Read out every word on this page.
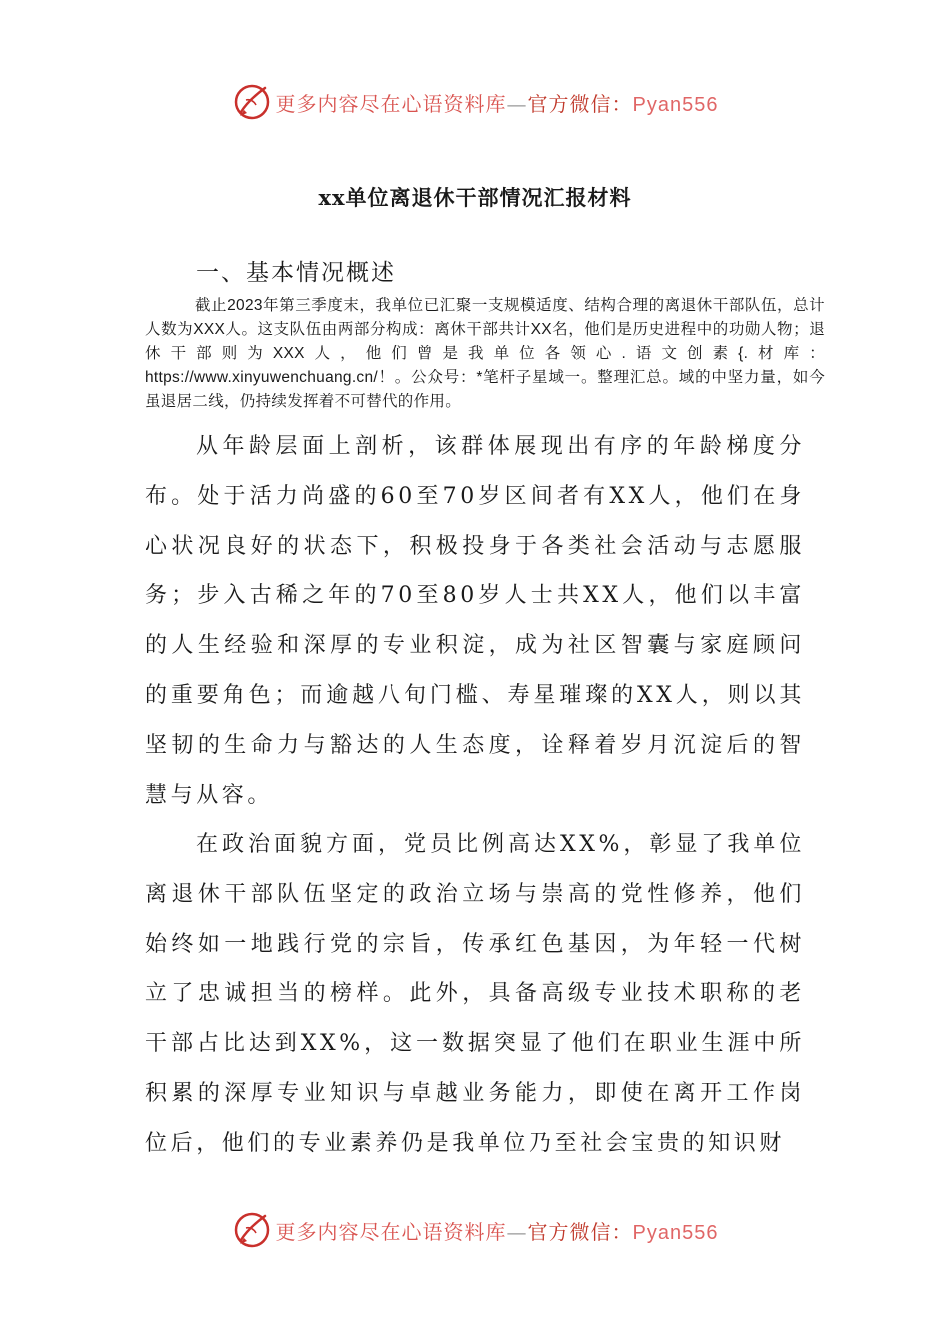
更多内容尽在心语资料库—官方微信：Pyan556
xx单位离退休干部情况汇报材料
一、基本情况概述
截止2023年第三季度末，我单位已汇聚一支规模适度、结构合理的离退休干部队伍，总计人数为XXX人。这支队伍由两部分构成：离休干部共计XX名，他们是历史进程中的功勋人物；退休干部则为XXX人，他们曾是我单位各领心.语文创素{.材库：https://www.xinyuwenchuang.cn/！。公众号：*笔杆子星域一。整理汇总。域的中坚力量，如今虽退居二线，仍持续发挥着不可替代的作用。
从年龄层面上剖析，该群体展现出有序的年龄梯度分布。处于活力尚盛的60至70岁区间者有XX人，他们在身心状况良好的状态下，积极投身于各类社会活动与志愿服务；步入古稀之年的70至80岁人士共XX人，他们以丰富的人生经验和深厚的专业积淀，成为社区智囊与家庭顾问的重要角色；而逾越八旬门槛、寿星璀璨的XX人，则以其坚韧的生命力与豁达的人生态度，诠释着岁月沉淀后的智慧与从容。
在政治面貌方面，党员比例高达XX%，彰显了我单位离退休干部队伍坚定的政治立场与崇高的党性修养，他们始终如一地践行党的宗旨，传承红色基因，为年轻一代树立了忠诚担当的榜样。此外，具备高级专业技术职称的老干部占比达到XX%，这一数据突显了他们在职业生涯中所积累的深厚专业知识与卓越业务能力，即使在离开工作岗位后，他们的专业素养仍是我单位乃至社会宝贵的知识财
更多内容尽在心语资料库—官方微信：Pyan556
